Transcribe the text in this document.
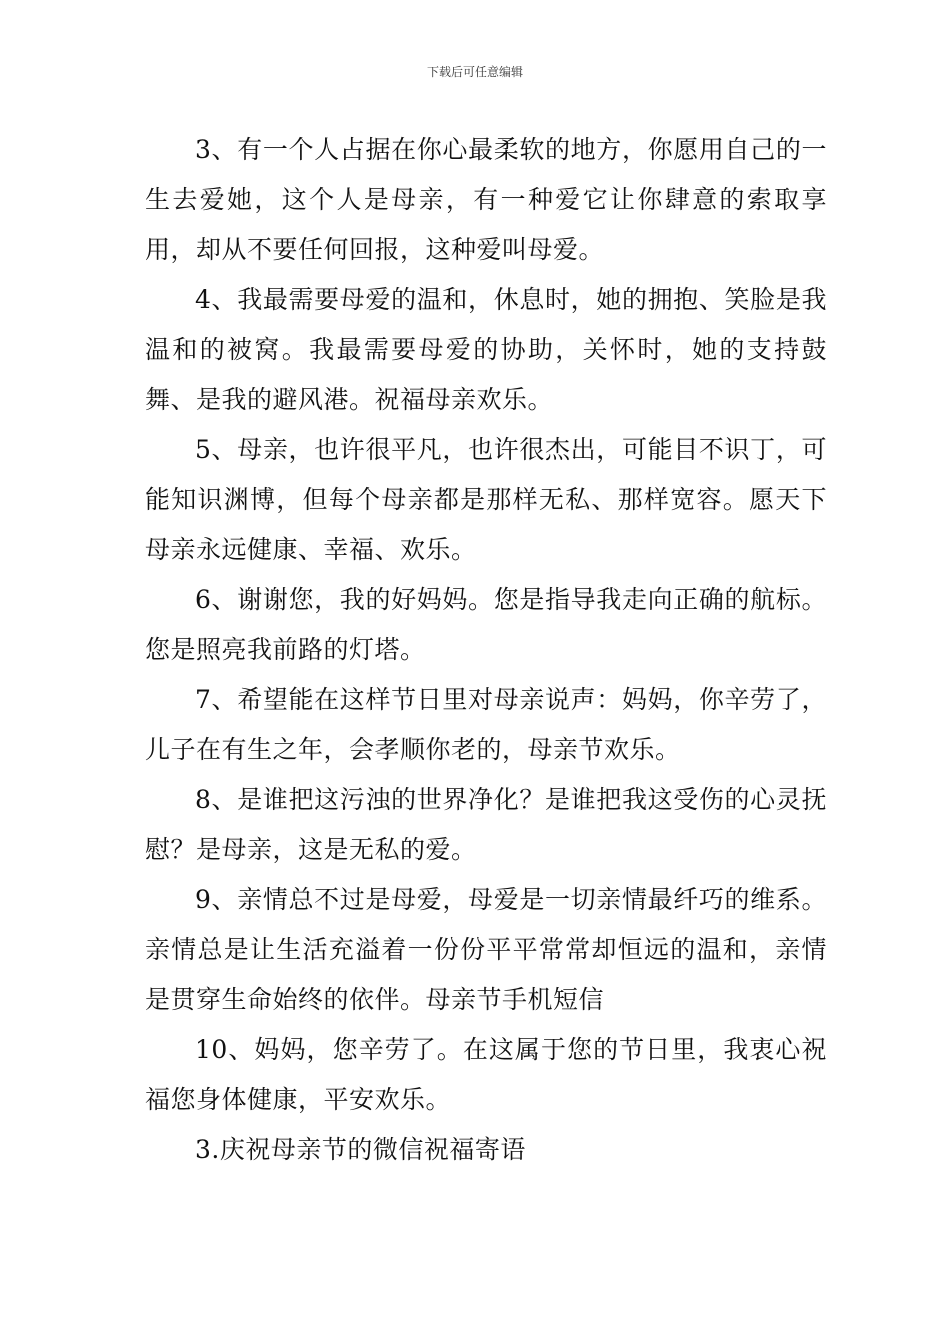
下载后可任意编辑

3、有一个人占据在你心最柔软的地方，你愿用自己的一生去爱她，这个人是母亲，有一种爱它让你肆意的索取享用，却从不要任何回报，这种爱叫母爱。

4、我最需要母爱的温和，休息时，她的拥抱、笑脸是我温和的被窝。我最需要母爱的协助，关怀时，她的支持鼓舞、是我的避风港。祝福母亲欢乐。

5、母亲，也许很平凡，也许很杰出，可能目不识丁，可能知识渊博，但每个母亲都是那样无私、那样宽容。愿天下母亲永远健康、幸福、欢乐。

6、谢谢您，我的好妈妈。您是指导我走向正确的航标。您是照亮我前路的灯塔。

7、希望能在这样节日里对母亲说声：妈妈，你辛劳了，儿子在有生之年，会孝顺你老的，母亲节欢乐。

8、是谁把这污浊的世界净化？是谁把我这受伤的心灵抚慰？是母亲，这是无私的爱。

9、亲情总不过是母爱，母爱是一切亲情最纤巧的维系。亲情总是让生活充溢着一份份平平常常却恒远的温和，亲情是贯穿生命始终的依伴。母亲节手机短信

10、妈妈，您辛劳了。在这属于您的节日里，我衷心祝福您身体健康，平安欢乐。

3.庆祝母亲节的微信祝福寄语
